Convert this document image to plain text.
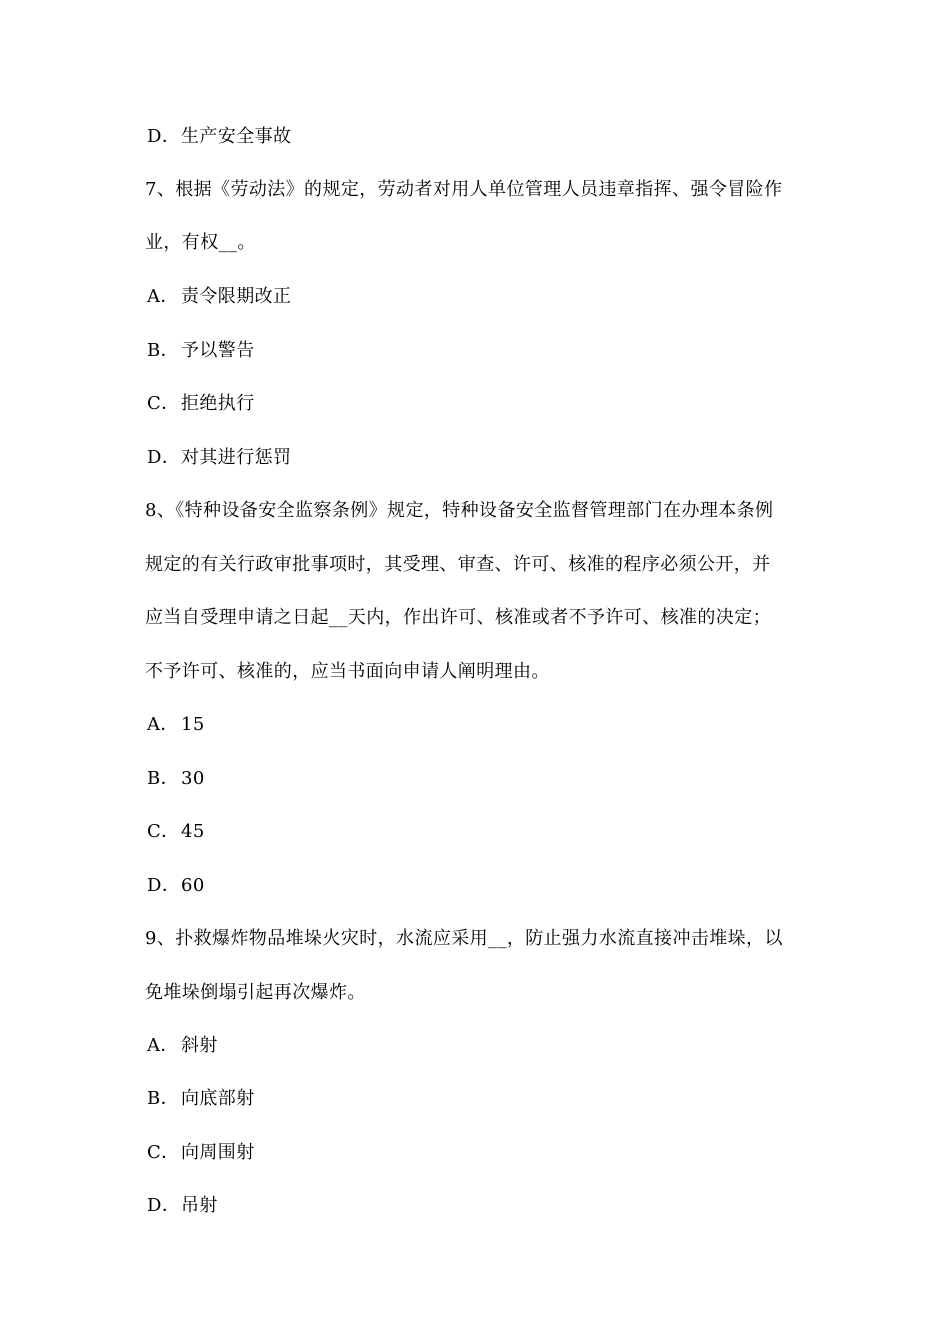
D．生产安全事故
7、根据《劳动法》的规定，劳动者对用人单位管理人员违章指挥、强令冒险作
业，有权__。
A． 责令限期改正
B． 予以警告
C．拒绝执行
D．对其进行惩罚
8、《特种设备安全监察条例》规定，特种设备安全监督管理部门在办理本条例
规定的有关行政审批事项时，其受理、审查、许可、核准的程序必须公开，并
应当自受理申请之日起__天内，作出许可、核准或者不予许可、核准的决定；
不予许可、核准的，应当书面向申请人阐明理由。
A． 15
B． 30
C．45
D．60
9、扑救爆炸物品堆垛火灾时，水流应采用__，防止强力水流直接冲击堆垛，以
免堆垛倒塌引起再次爆炸。
A． 斜射
B． 向底部射
C．向周围射
D．吊射
